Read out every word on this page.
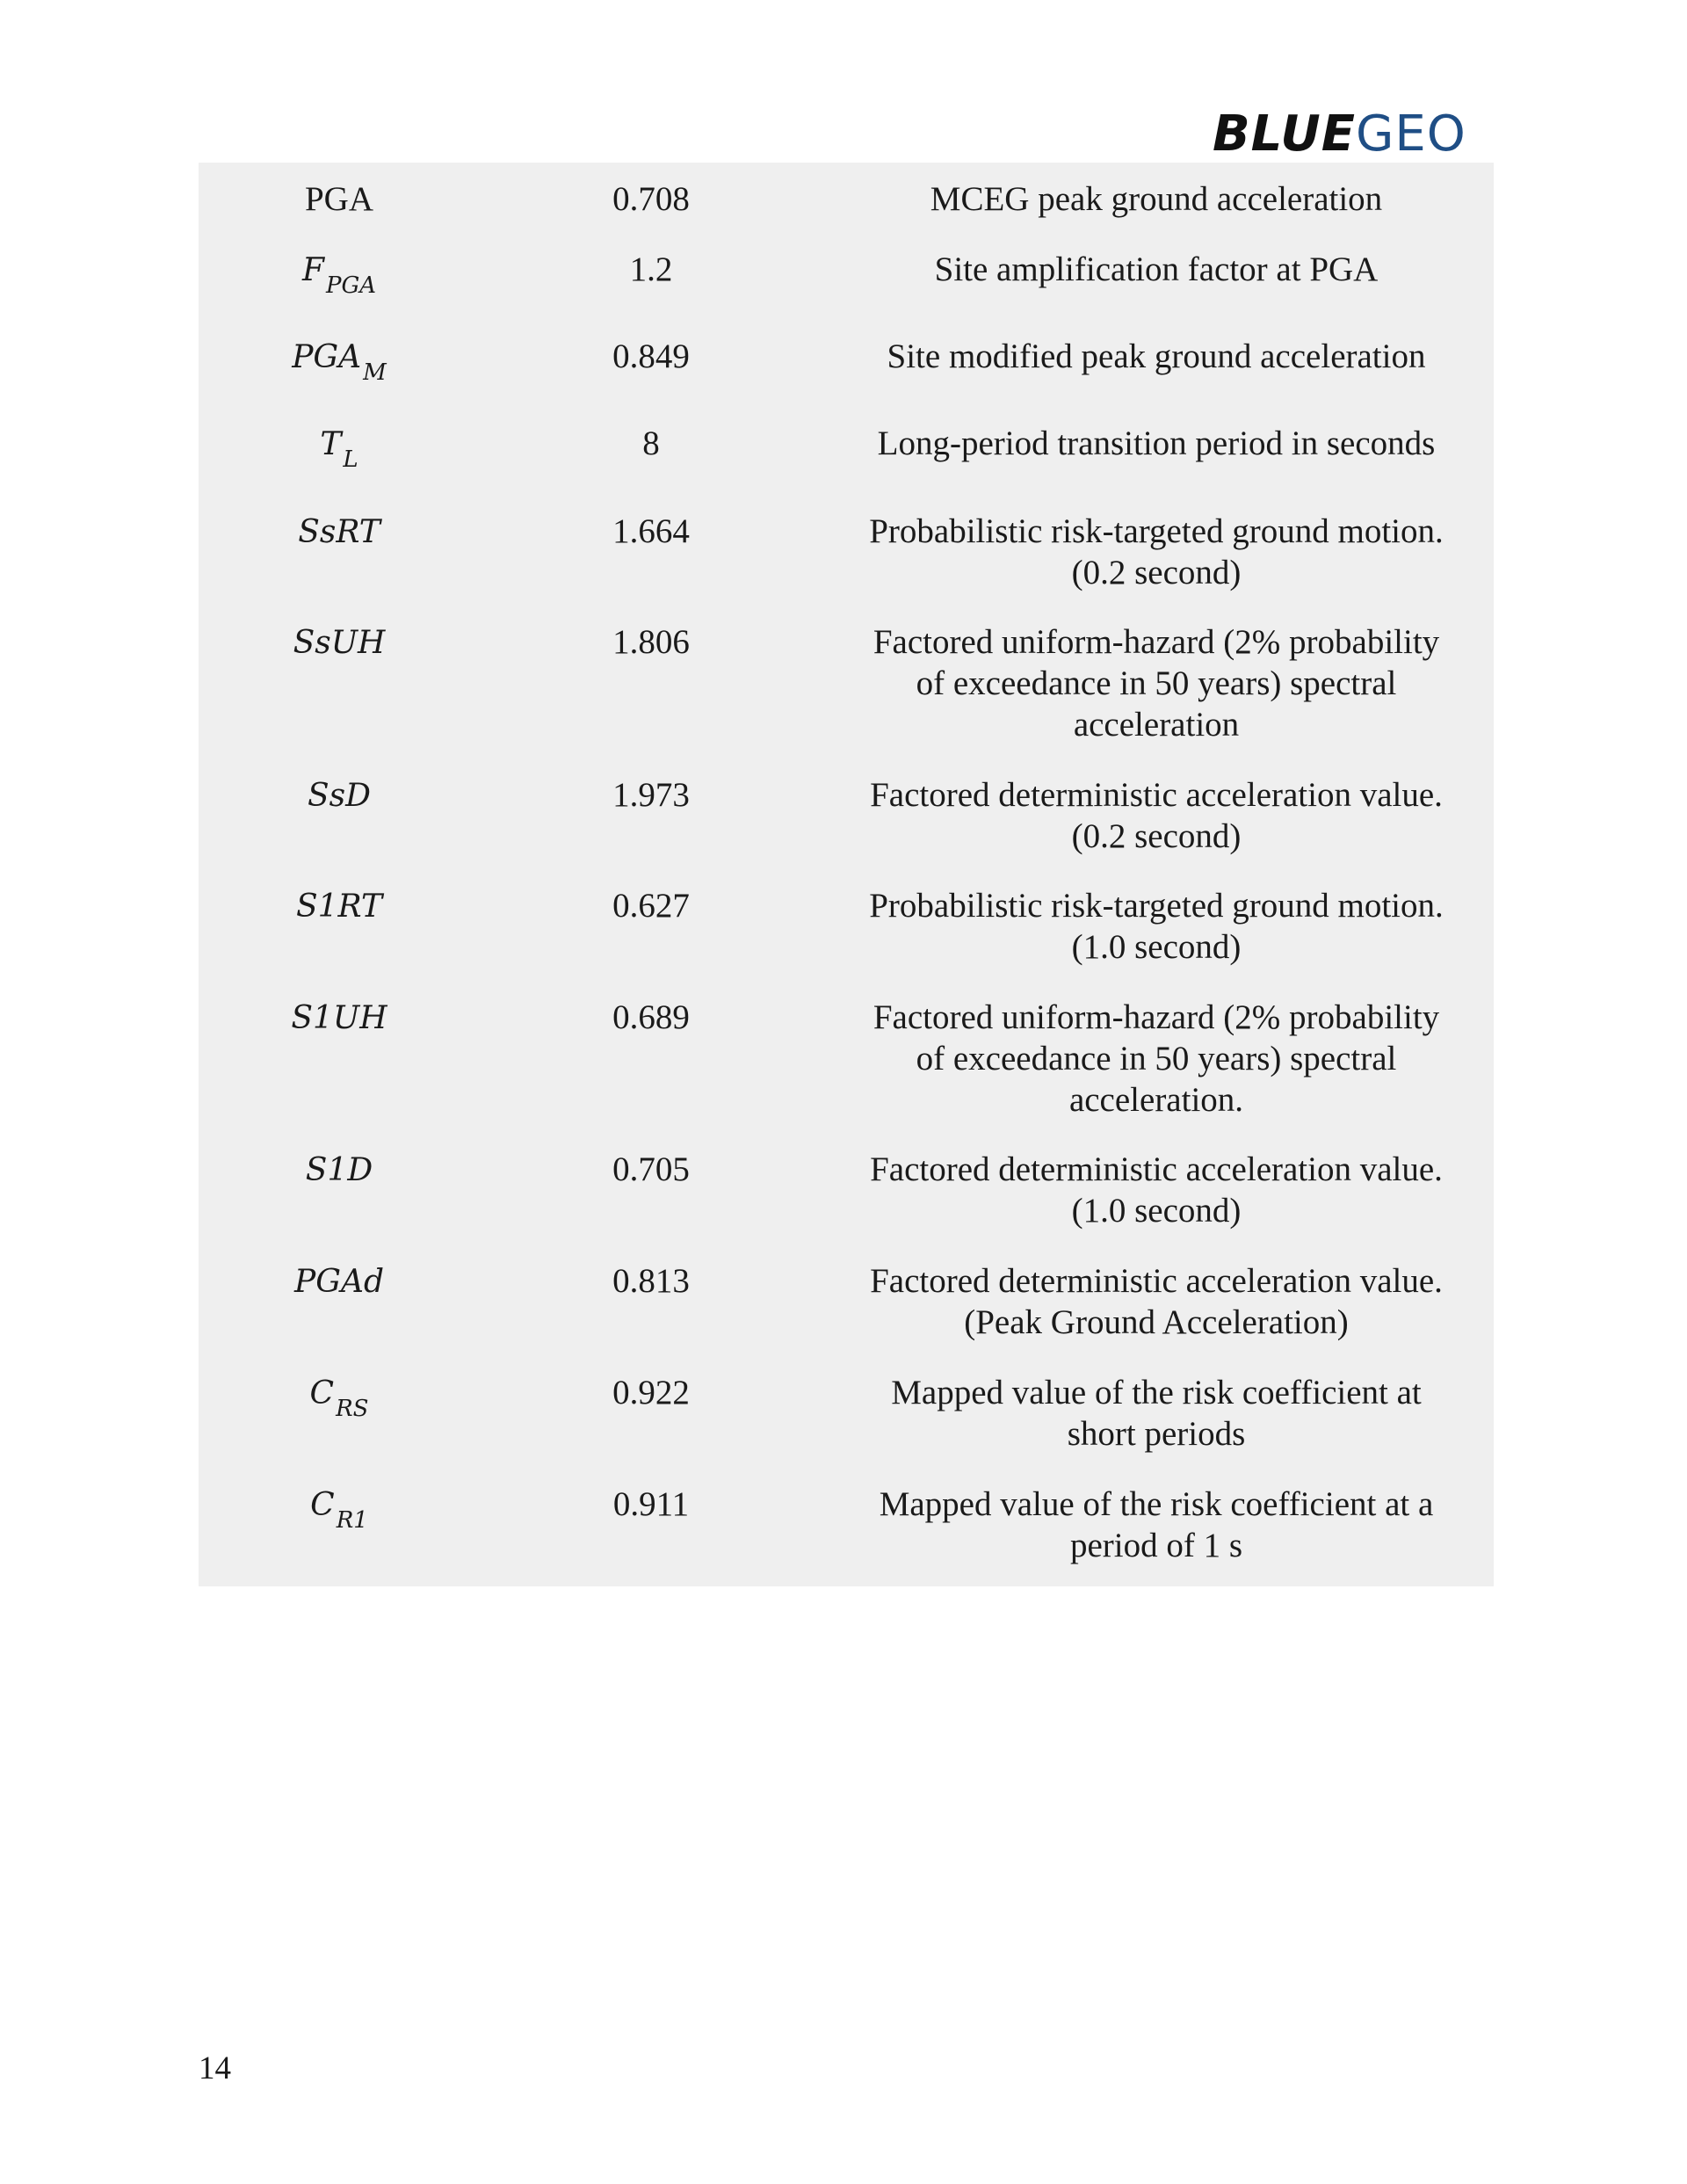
BLUEGEO
PGA	0.708	MCEG peak ground acceleration
$F_{PGA}$	1.2	Site amplification factor at PGA
$PGA_M$	0.849	Site modified peak ground acceleration
$T_L$	8	Long-period transition period in seconds
SsRT	1.664	Probabilistic risk-targeted ground motion.
(0.2 second)
SsUH	1.806	Factored uniform-hazard (2% probability
of exceedance in 50 years) spectral
acceleration
SsD	1.973	Factored deterministic acceleration value.
(0.2 second)
S1RT	0.627	Probabilistic risk-targeted ground motion.
(1.0 second)
S1UH	0.689	Factored uniform-hazard (2% probability
of exceedance in 50 years) spectral
acceleration.
S1D	0.705	Factored deterministic acceleration value.
(1.0 second)
PGAd	0.813	Factored deterministic acceleration value.
(Peak Ground Acceleration)
$C_{RS}$	0.922	Mapped value of the risk coefficient at
short periods
$C_{R1}$	0.911	Mapped value of the risk coefficient at a
period of 1 s
14
